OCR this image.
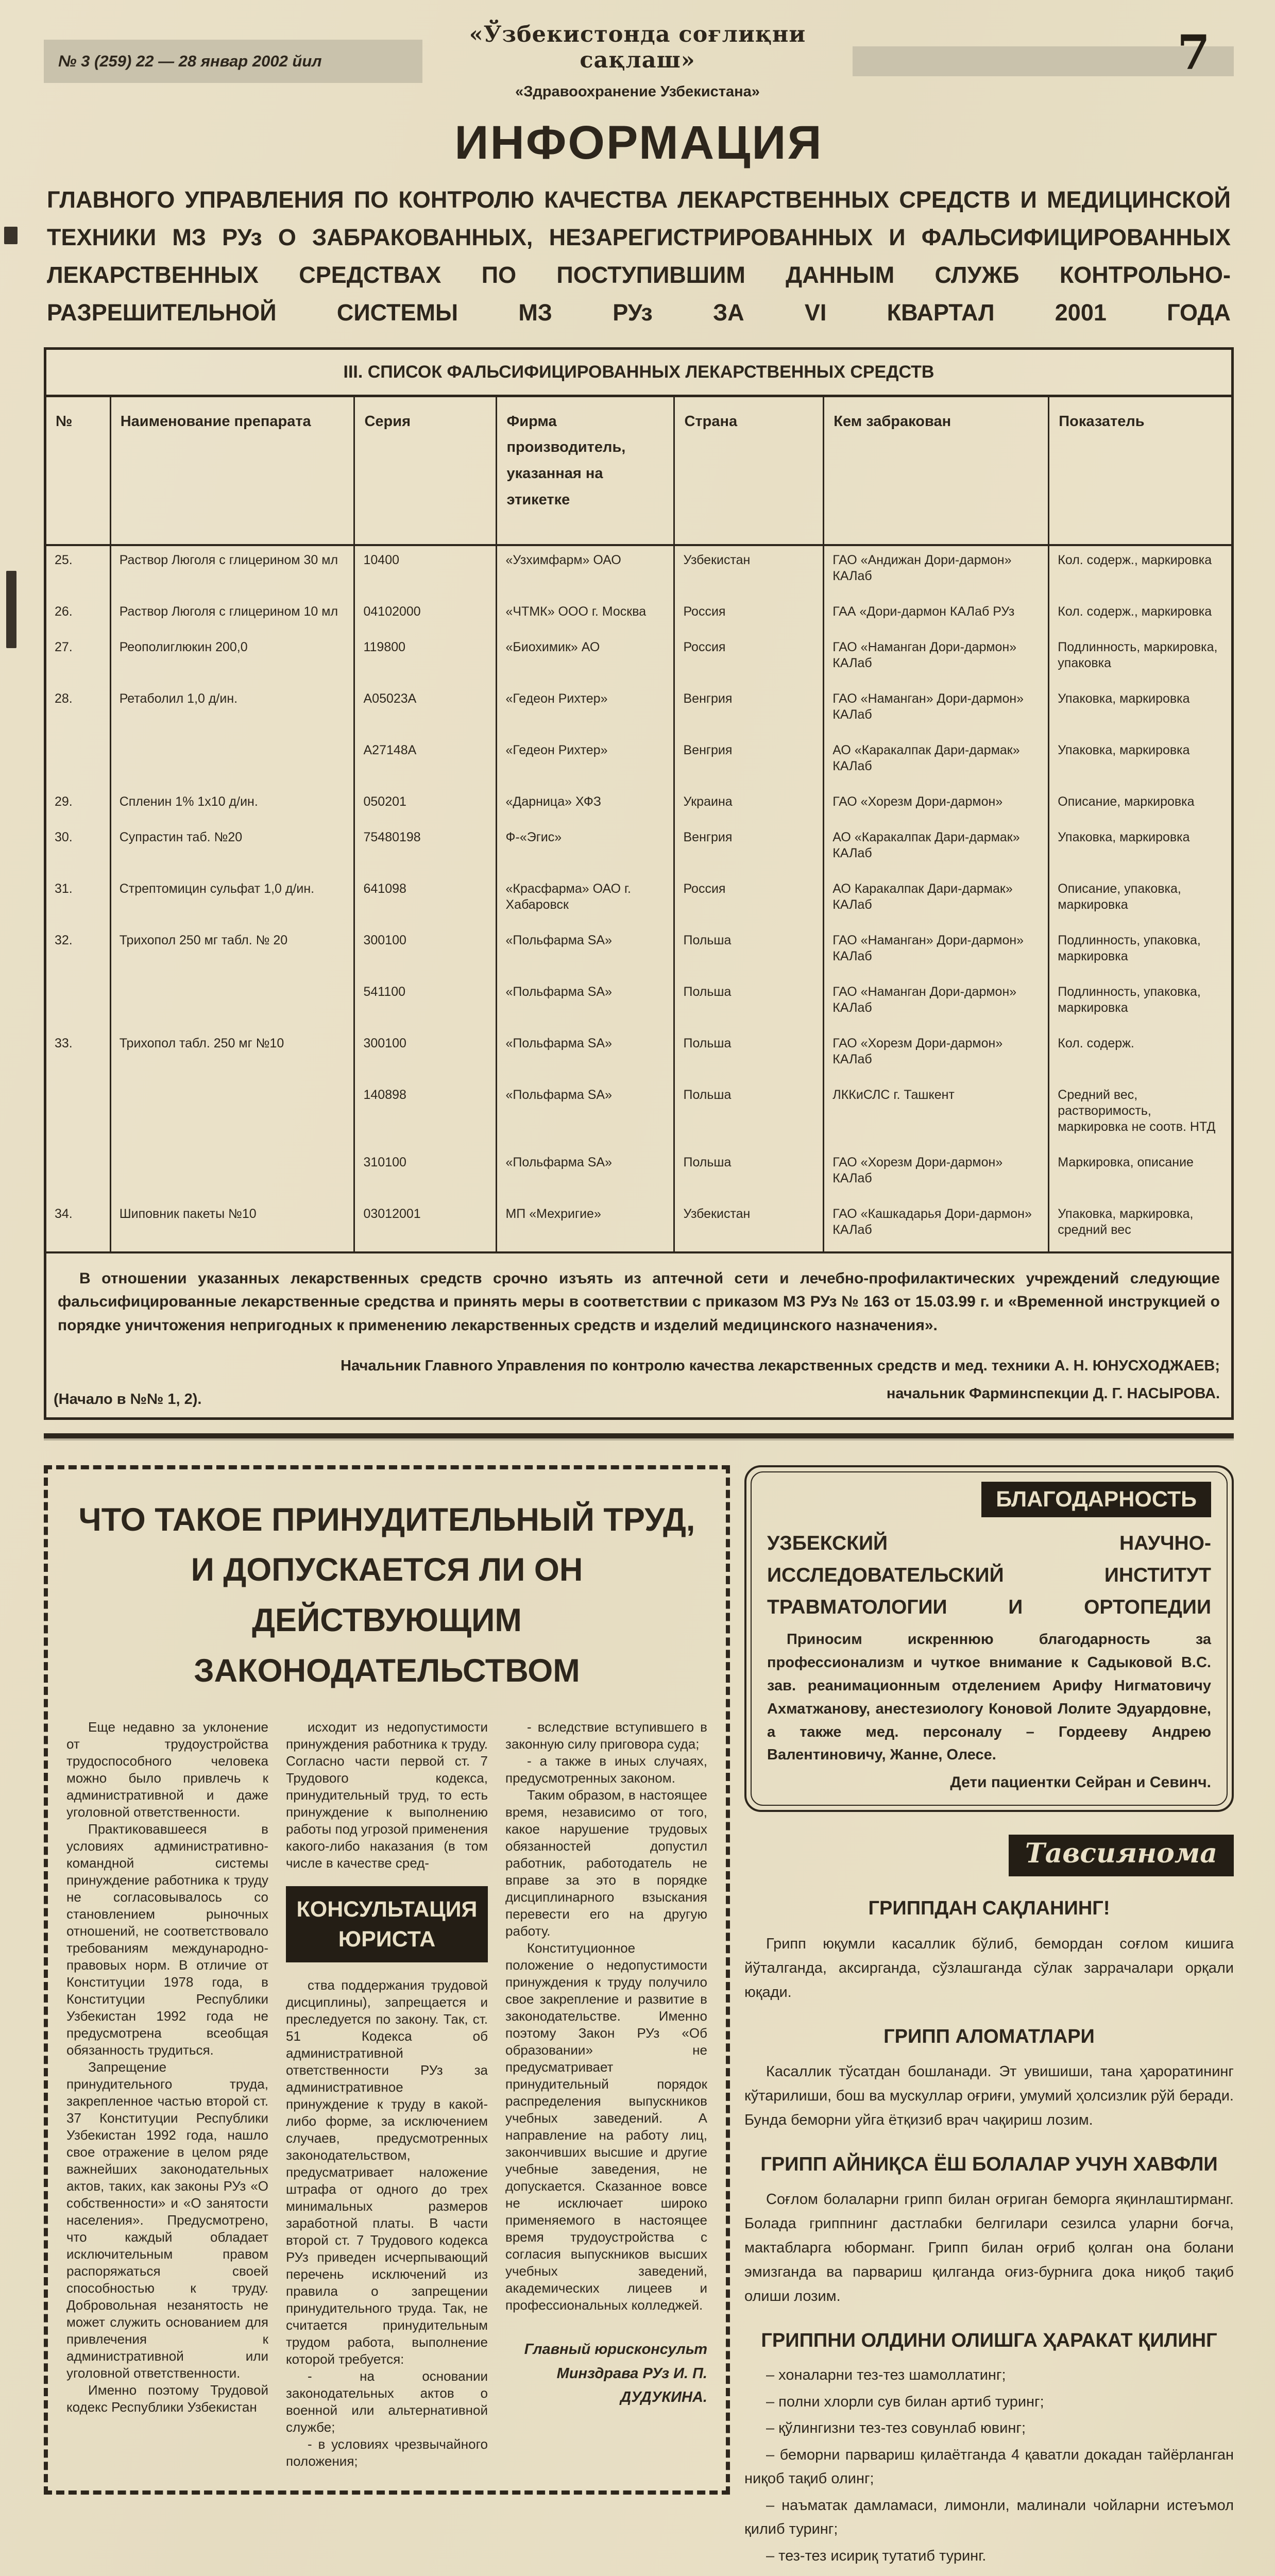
№ 3 (259) 22 — 28 январ 2002 йил
«Ўзбекистонда соғлиқни сақлаш»
«Здравоохранение Узбекистана»
7
ИНФОРМАЦИЯ

ГЛАВНОГО УПРАВЛЕНИЯ ПО КОНТРОЛЮ КАЧЕСТВА ЛЕКАРСТВЕННЫХ СРЕДСТВ И МЕДИЦИНСКОЙ ТЕХНИКИ МЗ РУз О ЗАБРАКОВАННЫХ, НЕЗАРЕГИСТРИРОВАННЫХ И ФАЛЬСИФИЦИРОВАННЫХ ЛЕКАРСТВЕННЫХ СРЕДСТВАХ ПО ПОСТУПИВШИМ ДАННЫМ СЛУЖБ КОНТРОЛЬНО-РАЗРЕШИТЕЛЬНОЙ СИСТЕМЫ МЗ РУз ЗА VI КВАРТАЛ 2001 ГОДА

III. СПИСОК ФАЛЬСИФИЦИРОВАННЫХ ЛЕКАРСТВЕННЫХ СРЕДСТВ
№	Наименование препарата	Серия	Фирма производитель, указанная на этикетке	Страна	Кем забракован	Показатель
25.	Раствор Люголя с глицерином 30 мл	10400	«Узхимфарм» ОАО	Узбекистан	ГАО «Андижан Дори-дармон» КАЛаб	Кол. содерж., маркировка
26.	Раствор Люголя с глицерином 10 мл	04102000	«ЧТМК» ООО г. Москва	Россия	ГАА «Дори-дармон КАЛаб РУз	Кол. содерж., маркировка
27.	Реополиглюкин 200,0	119800	«Биохимик» АО	Россия	ГАО «Наманган Дори-дармон» КАЛаб	Подлинность, маркировка, упаковка
28.	Ретаболил 1,0 д/ин.	А05023А	«Гедеон Рихтер»	Венгрия	ГАО «Наманган» Дори-дармон» КАЛаб	Упаковка, маркировка
		А27148А	«Гедеон Рихтер»	Венгрия	АО «Каракалпак Дари-дармак» КАЛаб	Упаковка, маркировка
29.	Спленин 1% 1х10 д/ин.	050201	«Дарница» ХФЗ	Украина	ГАО «Хорезм Дори-дармон»	Описание, маркировка
30.	Супрастин таб. №20	75480198	Ф-«Эгис»	Венгрия	АО «Каракалпак Дари-дармак» КАЛаб	Упаковка, маркировка
31.	Стрептомицин сульфат 1,0 д/ин.	641098	«Красфарма» ОАО г. Хабаровск	Россия	АО Каракалпак Дари-дармак» КАЛаб	Описание, упаковка, маркировка
32.	Трихопол 250 мг табл. № 20	300100	«Польфарма SA»	Польша	ГАО «Наманган» Дори-дармон» КАЛаб	Подлинность, упаковка, маркировка
		541100	«Польфарма SA»	Польша	ГАО «Наманган Дори-дармон» КАЛаб	Подлинность, упаковка, маркировка
33.	Трихопол табл. 250 мг №10	300100	«Польфарма SA»	Польша	ГАО «Хорезм Дори-дармон» КАЛаб	Кол. содерж.
		140898	«Польфарма SA»	Польша	ЛККиСЛС г. Ташкент	Средний вес, растворимость, маркировка не соотв. НТД
		310100	«Польфарма SA»	Польша	ГАО «Хорезм Дори-дармон» КАЛаб	Маркировка, описание
34.	Шиповник пакеты №10	03012001	МП «Мехригие»	Узбекистан	ГАО «Кашкадарья Дори-дармон» КАЛаб	Упаковка, маркировка, средний вес

В отношении указанных лекарственных средств срочно изъять из аптечной сети и лечебно-профилактических учреждений следующие фальсифицированные лекарственные средства и принять меры в соответствии с приказом МЗ РУз № 163 от 15.03.99 г. и «Временной инструкцией о порядке уничтожения непригодных к применению лекарственных средств и изделий медицинского назначения».

(Начало в №№ 1, 2).
Начальник Главного Управления по контролю качества лекарственных средств и мед. техники А. Н. ЮНУСХОДЖАЕВ;
начальник Фарминспекции Д. Г. НАСЫРОВА.
ЧТО ТАКОЕ ПРИНУДИТЕЛЬНЫЙ ТРУД, И ДОПУСКАЕТСЯ ЛИ ОН ДЕЙСТВУЮЩИМ ЗАКОНОДАТЕЛЬСТВОМ

Еще недавно за уклонение от трудоустройства трудоспособного человека можно было привлечь к административной и даже уголовной ответственности.

Практиковавшееся в условиях административно-командной системы принуждение работника к труду не согласовывалось со становлением рыночных отношений, не соответствовало требованиям международно-правовых норм. В отличие от Конституции 1978 года, в Конституции Республики Узбекистан 1992 года не предусмотрена всеобщая обязанность трудиться.

Запрещение принудительного труда, закрепленное частью второй ст. 37 Конституции Республики Узбекистан 1992 года, нашло свое отражение в целом ряде важнейших законодательных актов, таких, как законы РУз «О собственности» и «О занятости населения». Предусмотрено, что каждый обладает исключительным правом распоряжаться своей способностью к труду. Добровольная незанятость не может служить основанием для привлечения к административной или уголовной ответственности.

Именно поэтому Трудовой кодекс Республики Узбекистан

исходит из недопустимости принуждения работника к труду. Согласно части первой ст. 7 Трудового кодекса, принудительный труд, то есть принуждение к выполнению работы под угрозой применения какого-либо наказания (в том числе в качестве сред-

КОНСУЛЬТАЦИЯ ЮРИСТА

ства поддержания трудовой дисциплины), запрещается и преследуется по закону. Так, ст. 51 Кодекса об административной ответственности РУз за административное принуждение к труду в какой-либо форме, за исключением случаев, предусмотренных законодательством, предусматривает наложение штрафа от одного до трех минимальных размеров заработной платы. В части второй ст. 7 Трудового кодекса РУз приведен исчерпывающий перечень исключений из правила о запрещении принудительного труда. Так, не считается принудительным трудом работа, выполнение которой требуется:

- на основании законодательных актов о военной или альтернативной службе;

- в условиях чрезвычайного положения;

- вследствие вступившего в законную силу приговора суда;

- а также в иных случаях, предусмотренных законом.

Таким образом, в настоящее время, независимо от того, какое нарушение трудовых обязанностей допустил работник, работодатель не вправе за это в порядке дисциплинарного взыскания перевести его на другую работу.

Конституционное положение о недопустимости принуждения к труду получило свое закрепление и развитие в законодательстве. Именно поэтому Закон РУз «Об образовании» не предусматривает принудительный порядок распределения выпускников учебных заведений. А направление на работу лиц, закончивших высшие и другие учебные заведения, не допускается. Сказанное вовсе не исключает широко применяемого в настоящее время трудоустройства с согласия выпускников высших учебных заведений, академических лицеев и профессиональных колледжей.

Главный юрисконсульт Минздрава РУз И. П. ДУДУКИНА.

БЛАГОДАРНОСТЬ
УЗБЕКСКИЙ НАУЧНО-ИССЛЕДОВАТЕЛЬСКИЙ ИНСТИТУТ ТРАВМАТОЛОГИИ И ОРТОПЕДИИ

Приносим искреннюю благодарность за профессионализм и чуткое внимание к Садыковой В.С. зав. реанимационным отделением Арифу Нигматовичу Ахматжанову, анестезиологу Коновой Лолите Эдуардовне, а также мед. персоналу – Гордееву Андрею Валентиновичу, Жанне, Олесе.

Дети пациентки Сейран и Севинч.

Тавсиянома
ГРИППДАН САҚЛАНИНГ!

Грипп юқумли касаллик бўлиб, бемордан соғлом кишига йўталганда, аксирганда, сўзлашганда сўлак заррачалари орқали юқади.

ГРИПП АЛОМАТЛАРИ

Касаллик тўсатдан бошланади. Эт увишиши, тана ҳароратининг кўтарилиши, бош ва мускуллар оғриғи, умумий ҳолсизлик рўй беради. Бунда беморни уйга ётқизиб врач чақириш лозим.

ГРИПП АЙНИҚСА ЁШ БОЛАЛАР УЧУН ХАВФЛИ

Соғлом болаларни грипп билан оғриган беморга яқинлаштирманг. Болада гриппнинг дастлабки белгилари сезилса уларни боғча, мактабларга юборманг. Грипп билан оғриб қолган она болани эмизганда ва парвариш қилганда оғиз-бурнига дока ниқоб тақиб олиши лозим.

ГРИППНИ ОЛДИНИ ОЛИШГА ҲАРАКАТ ҚИЛИНГ

– хоналарни тез-тез шамоллатинг;

– полни хлорли сув билан артиб туринг;

– қўлингизни тез-тез совунлаб ювинг;

– беморни парвариш қилаётганда 4 қаватли докадан тайёрланган ниқоб тақиб олинг;

– наъматак дамламаси, лимонли, малинали чойларни истеъмол қилиб туринг;

– тез-тез исириқ тутатиб туринг.
